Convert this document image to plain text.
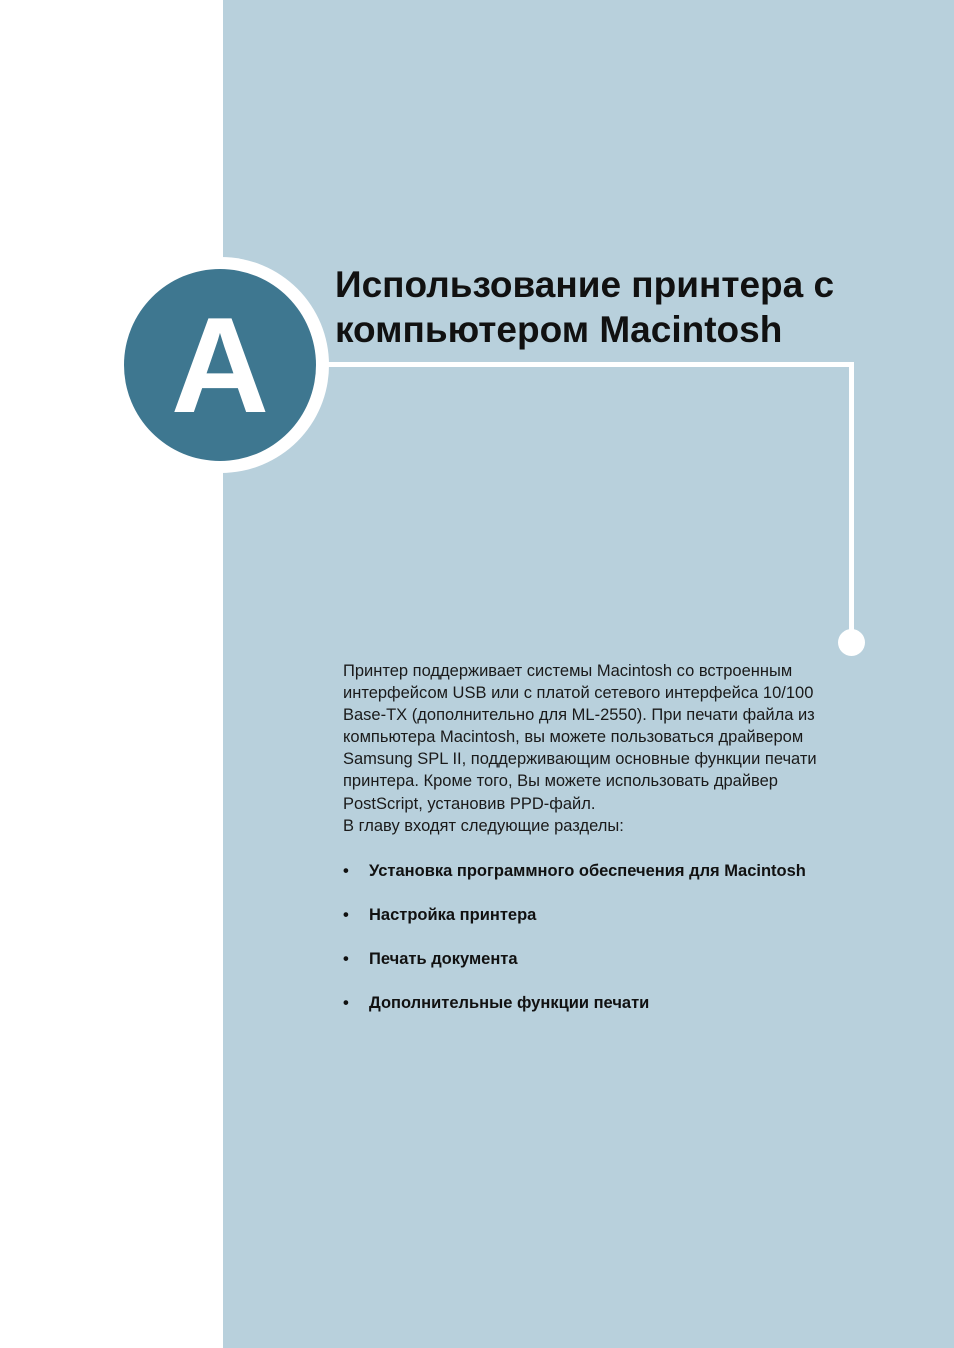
A
Использование принтера с
компьютером Macintosh

Принтер поддерживает системы Macintosh со встроенным
интерфейсом USB или с платой сетевого интерфейса 10/100
Base-TX (дополнительно для ML-2550). При печати файла из
компьютера Macintosh, вы можете пользоваться драйвером
Samsung SPL II, поддерживающим основные функции печати
принтера. Кроме того, Вы можете использовать драйвер
PostScript, установив PPD-файл.
В главу входят следующие разделы:

• Установка программного обеспечения для Macintosh
• Настройка принтера
• Печать документа
• Дополнительные функции печати
